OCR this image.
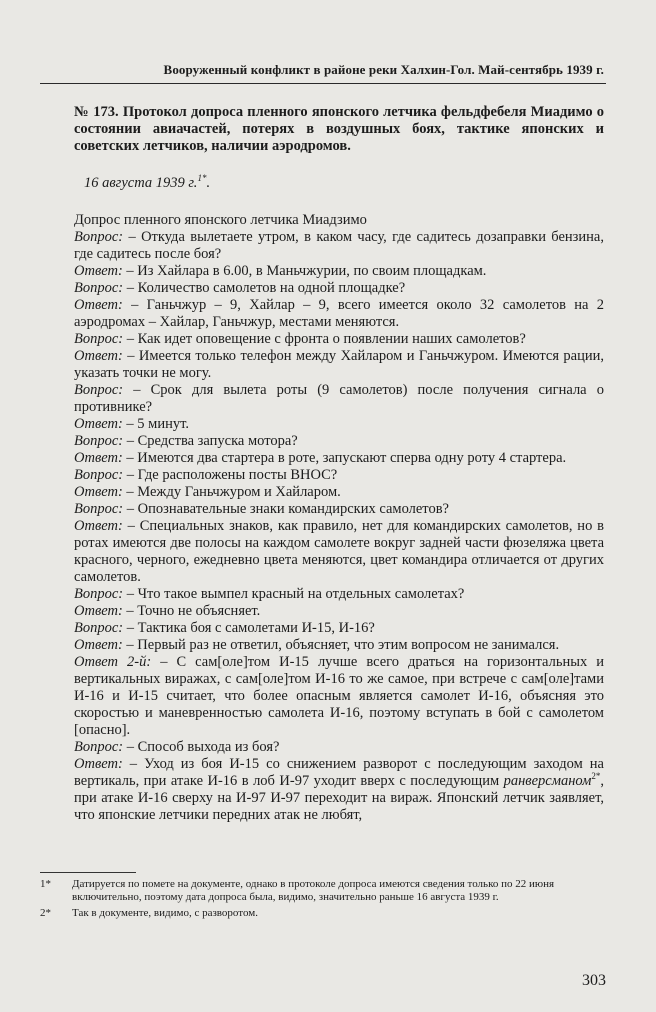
Вооруженный конфликт в районе реки Халхин-Гол. Май-сентябрь 1939 г.
№ 173. Протокол допроса пленного японского летчика фельдфебеля Миадимо о состоянии авиачастей, потерях в воздушных боях, тактике японских и советских летчиков, наличии аэродромов.
16 августа 1939 г.$^{1*}$.

Допрос пленного японского летчика Миадзимо

Вопрос: – Откуда вылетаете утром, в каком часу, где садитесь дозаправки бензина, где садитесь после боя?

Ответ: – Из Хайлара в 6.00, в Маньчжурии, по своим площадкам.

Вопрос: – Количество самолетов на одной площадке?

Ответ: – Ганьчжур – 9, Хайлар – 9, всего имеется около 32 самолетов на 2 аэродромах – Хайлар, Ганьчжур, местами меняются.

Вопрос: – Как идет оповещение с фронта о появлении наших самолетов?

Ответ: – Имеется только телефон между Хайларом и Ганьчжуром. Имеются рации, указать точки не могу.

Вопрос: – Срок для вылета роты (9 самолетов) после получения сигнала о противнике?

Ответ: – 5 минут.

Вопрос: – Средства запуска мотора?

Ответ: – Имеются два стартера в роте, запускают сперва одну роту 4 стартера.

Вопрос: – Где расположены посты ВНОС?

Ответ: – Между Ганьчжуром и Хайларом.

Вопрос: – Опознавательные знаки командирских самолетов?

Ответ: – Специальных знаков, как правило, нет для командирских самолетов, но в ротах имеются две полосы на каждом самолете вокруг задней части фюзеляжа цвета красного, черного, ежедневно цвета меняются, цвет командира отличается от других самолетов.

Вопрос: – Что такое вымпел красный на отдельных самолетах?

Ответ: – Точно не объясняет.

Вопрос: – Тактика боя с самолетами И-15, И-16?

Ответ: – Первый раз не ответил, объясняет, что этим вопросом не занимался.

Ответ 2-й: – С сам[оле]том И-15 лучше всего драться на горизонтальных и вертикальных виражах, с сам[оле]том И-16 то же самое, при встрече с сам[оле]тами И-16 и И-15 считает, что более опасным является самолет И-16, объясняя это скоростью и маневренностью самолета И-16, поэтому вступать в бой с самолетом [опасно].

Вопрос: – Способ выхода из боя?

Ответ: – Уход из боя И-15 со снижением разворот с последующим заходом на вертикаль, при атаке И-16 в лоб И-97 уходит вверх с последующим ранверсманом$^{2*}$, при атаке И-16 сверху на И-97 И-97 переходит на вираж. Японский летчик заявляет, что японские летчики передних атак не любят,

1*	Датируется по помете на документе, однако в протоколе допроса имеются сведения только по 22 июня включительно, поэтому дата допроса была, видимо, значительно раньше 16 августа 1939 г.
2*	Так в документе, видимо, с разворотом.
303
